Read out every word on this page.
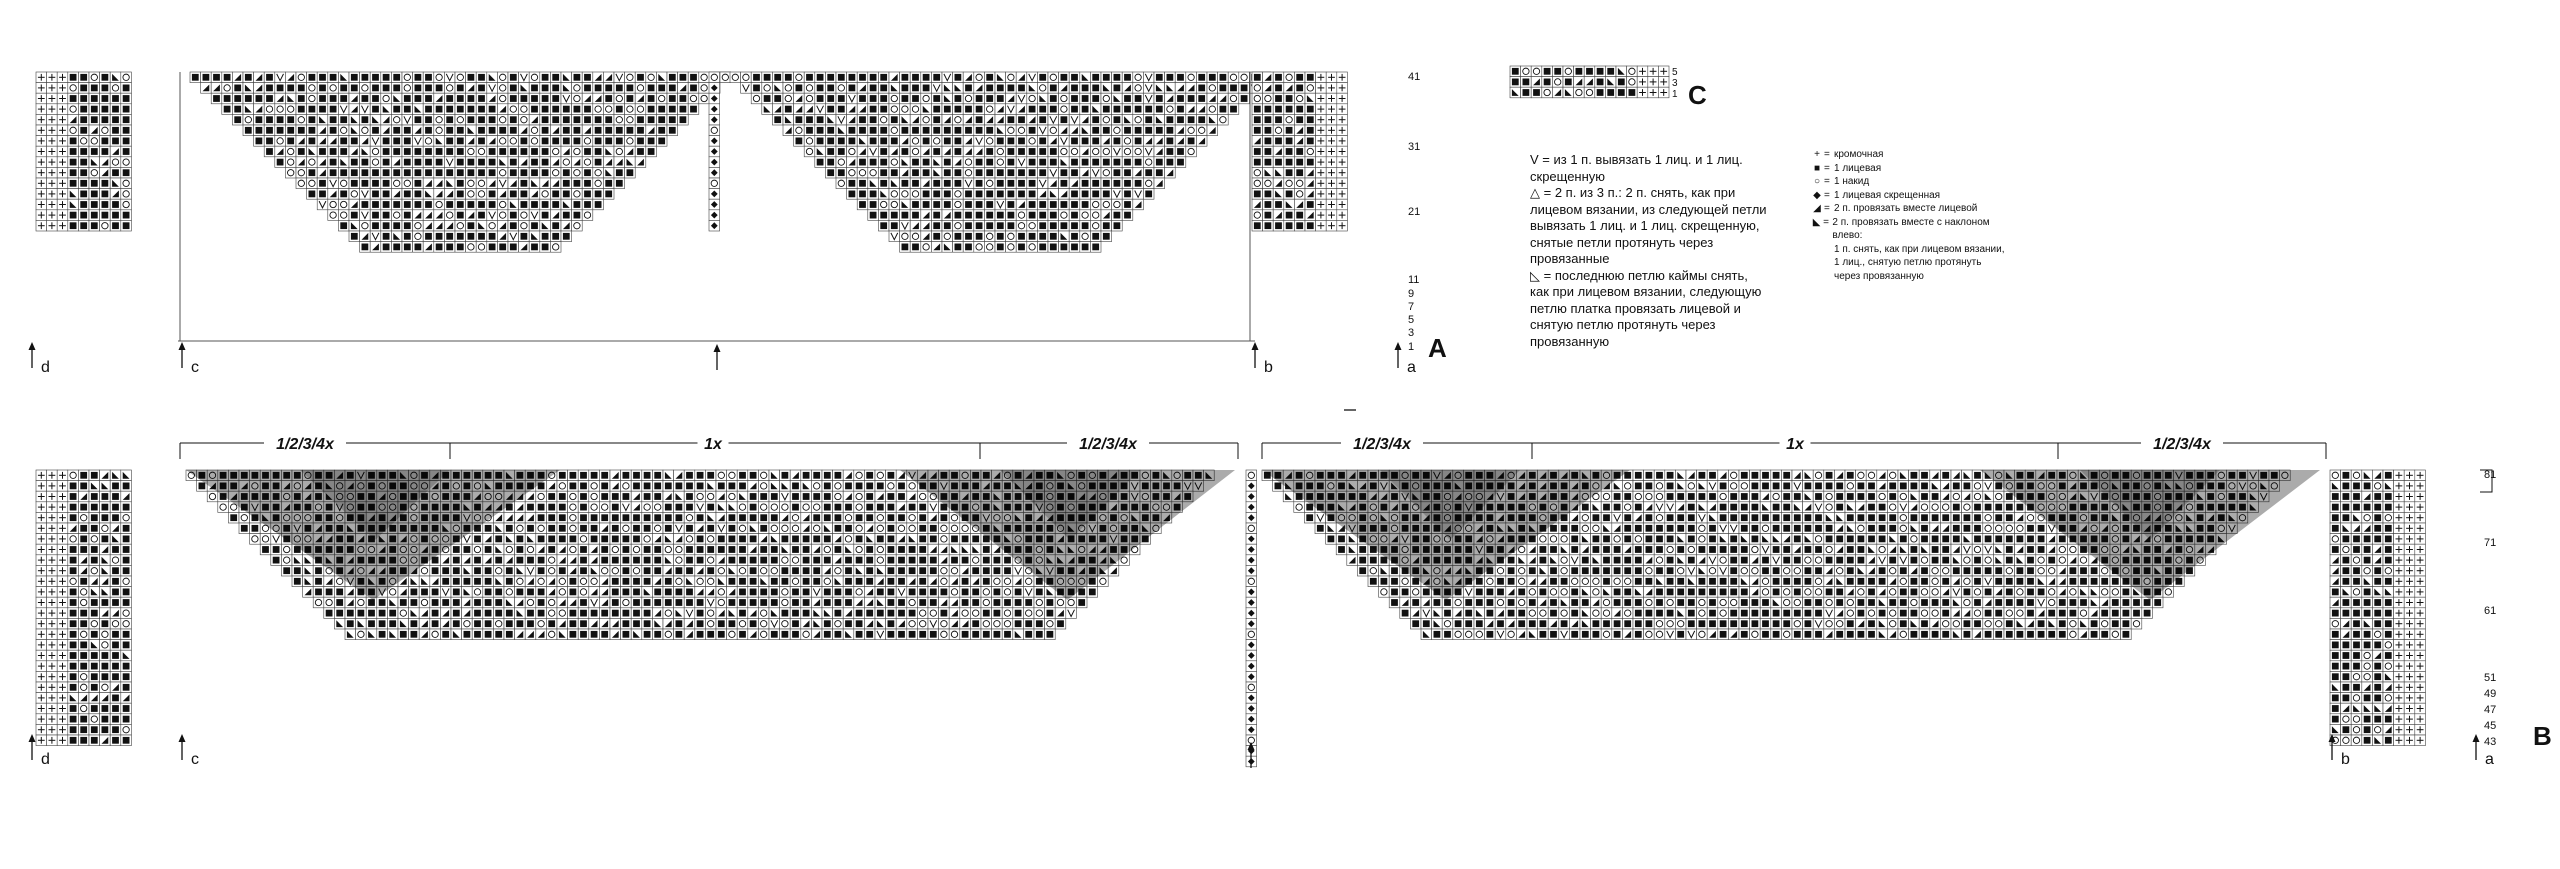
41
31
21
11
9
7
5
3
1 A
d	c	b	a
5
3
1 C
1/2/3/4x	1x	1/2/3/4x	1/2/3/4x	1x	1/2/3/4x
81
71
61
51
49
47
45
43 B
d	c	b	a

V = из 1 п. вывязать 1 лиц. и 1 лиц. скрещенную

△ = 2 п. из 3 п.: 2 п. снять, как при лицевом вязании, из следующей петли вывязать 1 лиц. и 1 лиц. скрещенную, снятые петли протянуть через провязанные

◺ = последнюю петлю каймы снять, как при лицевом вязании, следующую петлю платка провязать лицевой и снятую петлю протянуть через провязанную

+ = кромочная
■ = 1 лицевая
○ = 1 накид
◆ = 1 лицевая скрещенная
◢ = 2 п. провязать вместе лицевой
◣ = 2 п. провязать вместе с наклоном влево:
1 п. снять, как при лицевом вязании, 1 лиц., снятую петлю протянуть через провязанную
